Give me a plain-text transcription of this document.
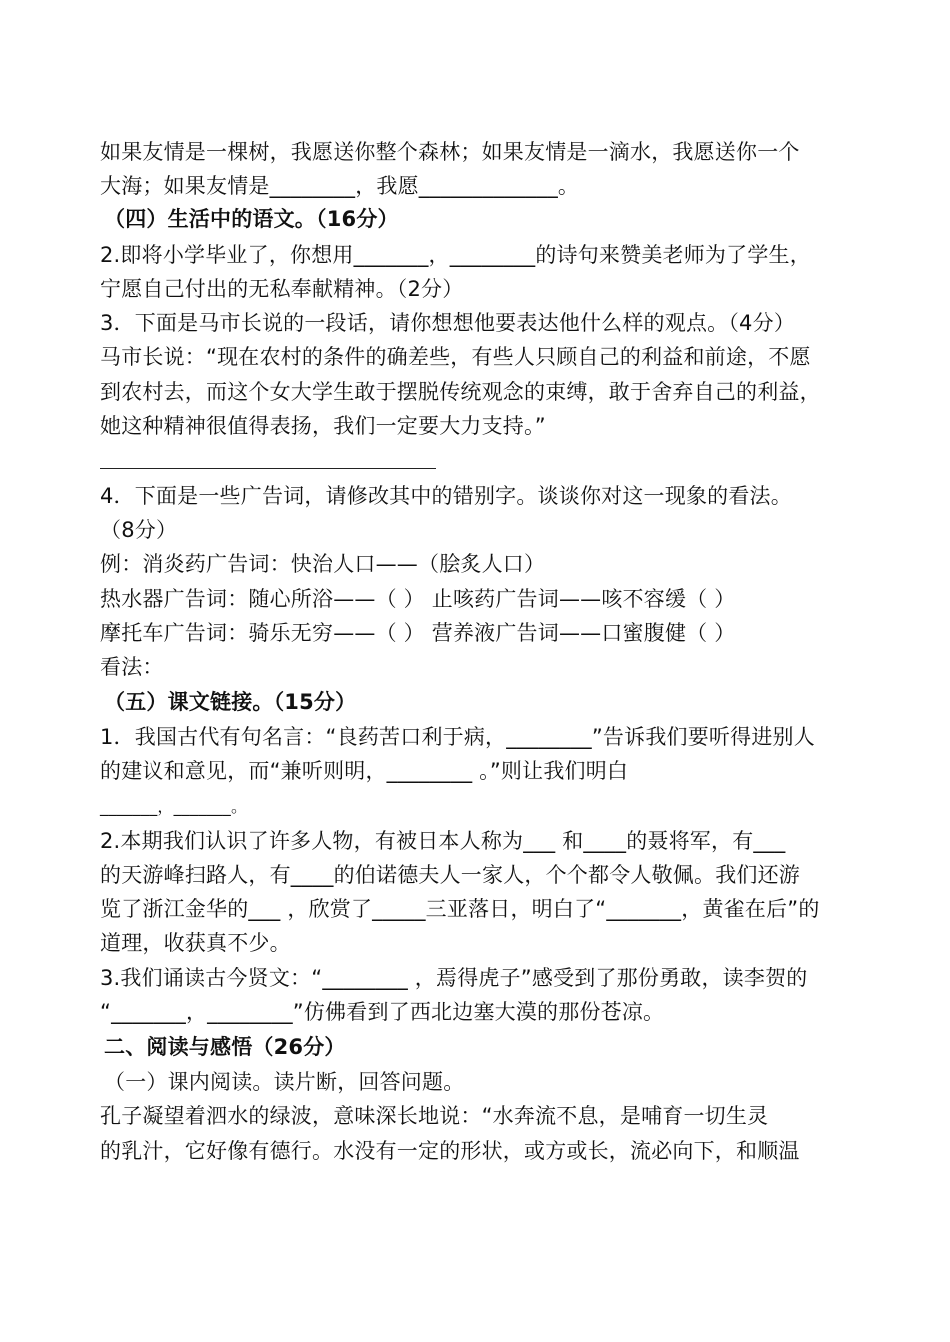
如果友情是一棵树，我愿送你整个森林；如果友情是一滴水，我愿送你一个
大海；如果友情是________，我愿_____________。
（四）生活中的语文。（16分）
2.即将小学毕业了，你想用_______，________的诗句来赞美老师为了学生，
宁愿自己付出的无私奉献精神。（2分）
3．下面是马市长说的一段话，请你想想他要表达他什么样的观点。（4分）
马市长说：“现在农村的条件的确差些，有些人只顾自己的利益和前途，不愿
到农村去，而这个女大学生敢于摆脱传统观念的束缚，敢于舍弃自己的利益，
她这种精神很值得表扬，我们一定要大力支持。”
4．下面是一些广告词，请修改其中的错别字。谈谈你对这一现象的看法。
（8分）
例：消炎药广告词：快治人口——（脍炙人口）
热水器广告词：随心所浴——（ ） 止咳药广告词——咳不容缓（ ）
摩托车广告词：骑乐无穷——（ ） 营养液广告词——口蜜腹健（ ）
看法：
（五）课文链接。（15分）
1．我国古代有句名言：“良药苦口利于病，________”告诉我们要听得进别人
的建议和意见，而“兼听则明，________ 。”则让我们明白
_______，_______。
2.本期我们认识了许多人物，有被日本人称为___ 和____的聂将军，有___
的天游峰扫路人，有____的伯诺德夫人一家人，个个都令人敬佩。我们还游
览了浙江金华的___ ，欣赏了_____三亚落日，明白了“_______，黄雀在后”的
道理，收获真不少。
3.我们诵读古今贤文：“________ ，焉得虎子”感受到了那份勇敢，读李贺的
“_______，________”仿佛看到了西北边塞大漠的那份苍凉。
二、阅读与感悟（26分）
（一）课内阅读。读片断，回答问题。
孔子凝望着泗水的绿波，意味深长地说：“水奔流不息，是哺育一切生灵
的乳汁，它好像有德行。水没有一定的形状，或方或长，流必向下，和顺温
